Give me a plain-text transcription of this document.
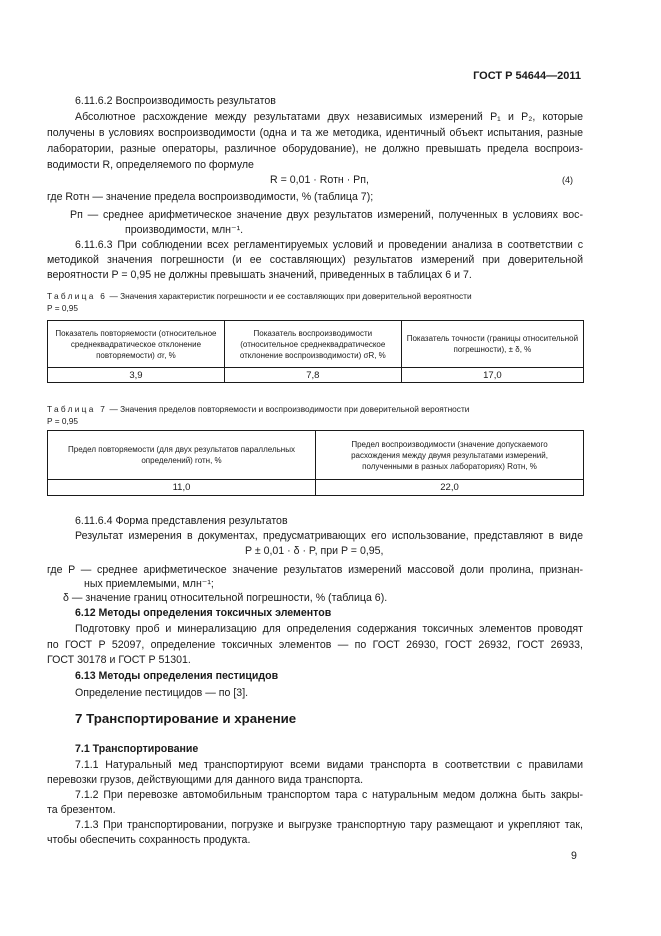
ГОСТ Р 54644—2011
6.11.6.2 Воспроизводимость результатов
Абсолютное расхождение между результатами двух независимых измерений P₁ и P₂, которые
получены в условиях воспроизводимости (одна и та же методика, идентичный объект испытания, разные
лаборатории, разные операторы, различное оборудование), не должно превышать предела воспроиз-
водимости R, определяемого по формуле
R = 0,01 · Rотн · Pп,	(4)
где Rотн — значение предела воспроизводимости, % (таблица 7);
Pп — среднее арифметическое значение двух результатов измерений, полученных в условиях вос-
производимости, млн⁻¹.
6.11.6.3 При соблюдении всех регламентируемых условий и проведении анализа в соответствии с
методикой значения погрешности (и ее составляющих) результатов измерений при доверительной
вероятности P = 0,95 не должны превышать значений, приведенных в таблицах 6 и 7.
Таблица 6 — Значения характеристик погрешности и ее составляющих при доверительной вероятности
P = 0,95
Показатель повторяемости (относительное среднеквадратическое отклонение повторяемости) σr, %	Показатель воспроизводимости (относительное среднеквадратическое отклонение воспроизводимости) σR, %	Показатель точности (границы относительной погрешности), ± δ, %
3,9	7,8	17,0
Таблица 7 — Значения пределов повторяемости и воспроизводимости при доверительной вероятности
P = 0,95
Предел повторяемости (для двух результатов параллельных определений) rотн, %	Предел воспроизводимости (значение допускаемого расхождения между двумя результатами измерений, полученными в разных лабораториях) Rотн, %
11,0	22,0
6.11.6.4 Форма представления результатов
Результат измерения в документах, предусматривающих его использование, представляют в виде
P ± 0,01 · δ · P, при P = 0,95,
где P — среднее арифметическое значение результатов измерений массовой доли пролина, признан-
ных приемлемыми, млн⁻¹;
δ — значение границ относительной погрешности, % (таблица 6).
6.12 Методы определения токсичных элементов
Подготовку проб и минерализацию для определения содержания токсичных элементов проводят
по ГОСТ Р 52097, определение токсичных элементов — по ГОСТ 26930, ГОСТ 26932, ГОСТ 26933,
ГОСТ 30178 и ГОСТ Р 51301.
6.13 Методы определения пестицидов
Определение пестицидов — по [3].
7 Транспортирование и хранение
7.1 Транспортирование
7.1.1 Натуральный мед транспортируют всеми видами транспорта в соответствии с правилами
перевозки грузов, действующими для данного вида транспорта.
7.1.2 При перевозке автомобильным транспортом тара с натуральным медом должна быть закры-
та брезентом.
7.1.3 При транспортировании, погрузке и выгрузке транспортную тару размещают и укрепляют так,
чтобы обеспечить сохранность продукта.
9
